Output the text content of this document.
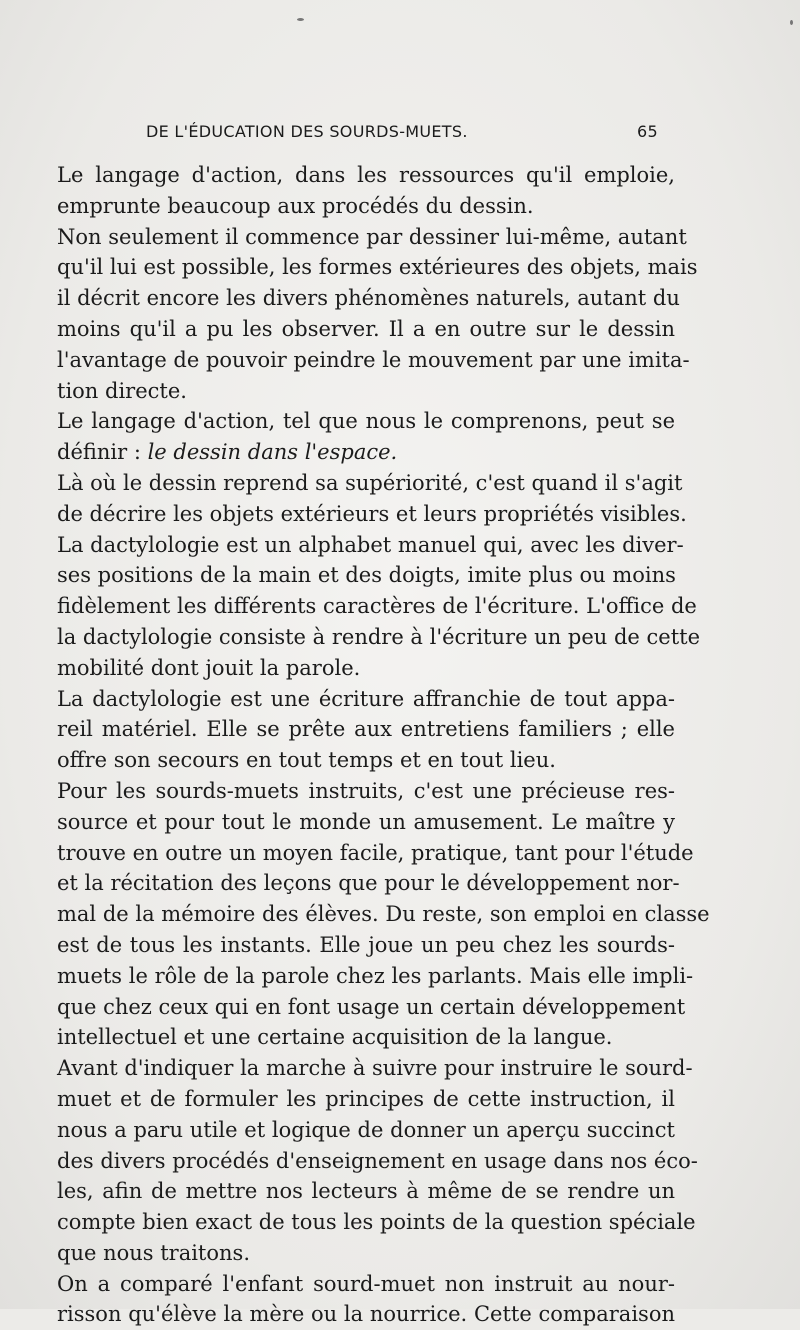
DE L'ÉDUCATION DES SOURDS-MUETS.	65
Le langage d'action, dans les ressources qu'il emploie,
emprunte beaucoup aux procédés du dessin.
Non seulement il commence par dessiner lui-même, autant
qu'il lui est possible, les formes extérieures des objets, mais
il décrit encore les divers phénomènes naturels, autant du
moins qu'il a pu les observer. Il a en outre sur le dessin
l'avantage de pouvoir peindre le mouvement par une imita-
tion directe.
Le langage d'action, tel que nous le comprenons, peut se
définir : le dessin dans l'espace.
Là où le dessin reprend sa supériorité, c'est quand il s'agit
de décrire les objets extérieurs et leurs propriétés visibles.
La dactylologie est un alphabet manuel qui, avec les diver-
ses positions de la main et des doigts, imite plus ou moins
fidèlement les différents caractères de l'écriture. L'office de
la dactylologie consiste à rendre à l'écriture un peu de cette
mobilité dont jouit la parole.
La dactylologie est une écriture affranchie de tout appa-
reil matériel. Elle se prête aux entretiens familiers ; elle
offre son secours en tout temps et en tout lieu.
Pour les sourds-muets instruits, c'est une précieuse res-
source et pour tout le monde un amusement. Le maître y
trouve en outre un moyen facile, pratique, tant pour l'étude
et la récitation des leçons que pour le développement nor-
mal de la mémoire des élèves. Du reste, son emploi en classe
est de tous les instants. Elle joue un peu chez les sourds-
muets le rôle de la parole chez les parlants. Mais elle impli-
que chez ceux qui en font usage un certain développement
intellectuel et une certaine acquisition de la langue.
Avant d'indiquer la marche à suivre pour instruire le sourd-
muet et de formuler les principes de cette instruction, il
nous a paru utile et logique de donner un aperçu succinct
des divers procédés d'enseignement en usage dans nos éco-
les, afin de mettre nos lecteurs à même de se rendre un
compte bien exact de tous les points de la question spéciale
que nous traitons.
On a comparé l'enfant sourd-muet non instruit au nour-
risson qu'élève la mère ou la nourrice. Cette comparaison
